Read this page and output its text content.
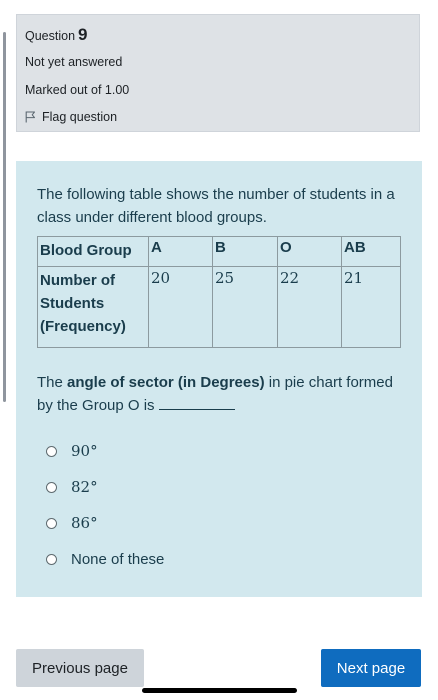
Question 9
Not yet answered
Marked out of 1.00
Flag question
The following table shows the number of students in a class under different blood groups.
Blood Group	A	B	O	AB
Number of Students (Frequency)	20	25	22	21
The angle of sector (in Degrees) in pie chart formed by the Group O is
90°
82°
86°
None of these
Previous page	Next page
